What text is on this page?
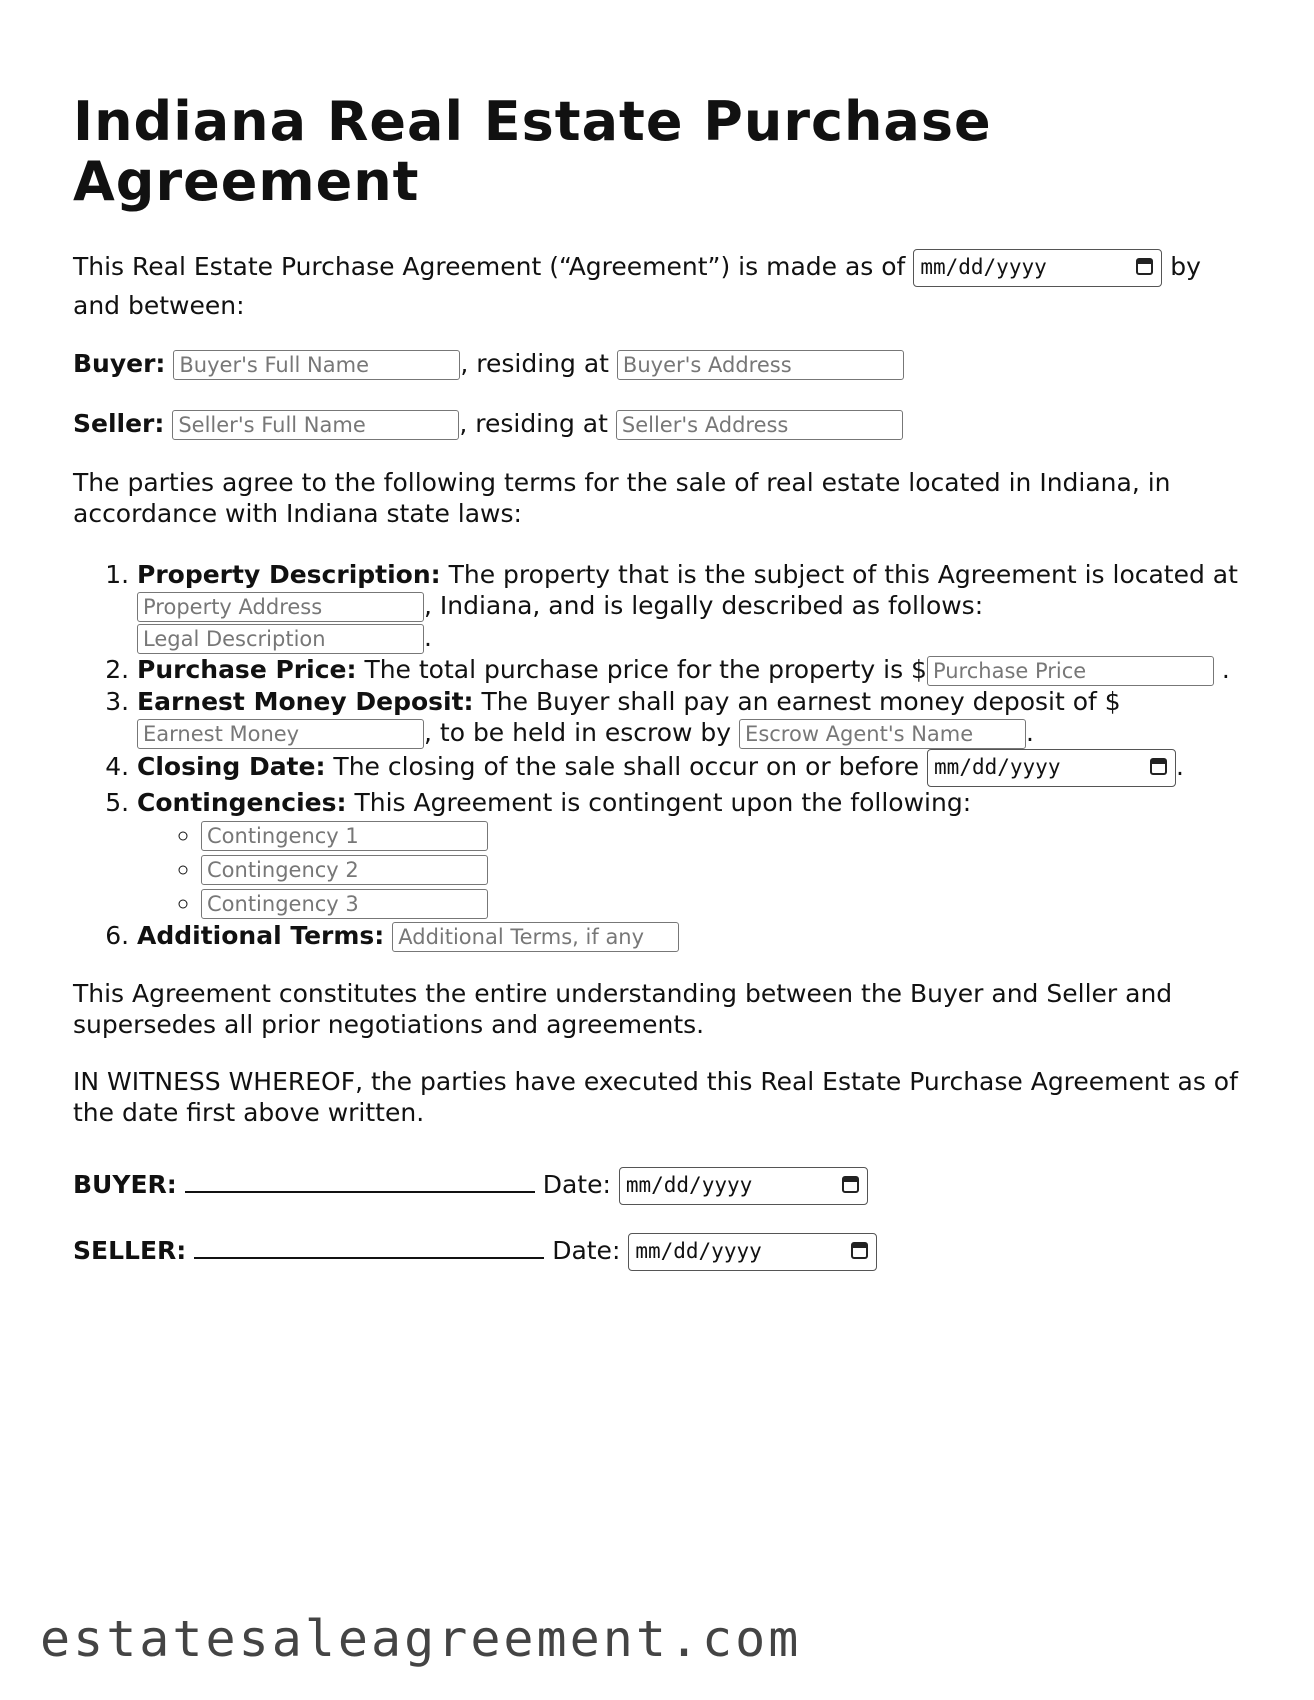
Indiana Real Estate Purchase Agreement

This Real Estate Purchase Agreement (“Agreement”) is made as of mm/dd/yyyy	by and between:

Buyer: Buyer's Full Name	, residing at Buyer's Address

Seller: Seller's Full Name	, residing at Seller's Address

The parties agree to the following terms for the sale of real estate located in Indiana, in accordance with Indiana state laws:

1. Property Description: The property that is the subject of this Agreement is located at Property Address, Indiana, and is legally described as follows: Legal Description.
2. Purchase Price: The total purchase price for the property is $Purchase Price	.
3. Earnest Money Deposit: The Buyer shall pay an earnest money deposit of $ Earnest Money, to be held in escrow by Escrow Agent's Name	.
4. Closing Date: The closing of the sale shall occur on or before mm/dd/yyyy	.
5. Contingencies: This Agreement is contingent upon the following:
◦ Contingency 1
◦ Contingency 2
◦ Contingency 3
6. Additional Terms: Additional Terms, if any

This Agreement constitutes the entire understanding between the Buyer and Seller and supersedes all prior negotiations and agreements.

IN WITNESS WHEREOF, the parties have executed this Real Estate Purchase Agreement as of the date first above written.

BUYER:	Date: mm/dd/yyyy

SELLER:	Date: mm/dd/yyyy

estatesaleagreement.com
